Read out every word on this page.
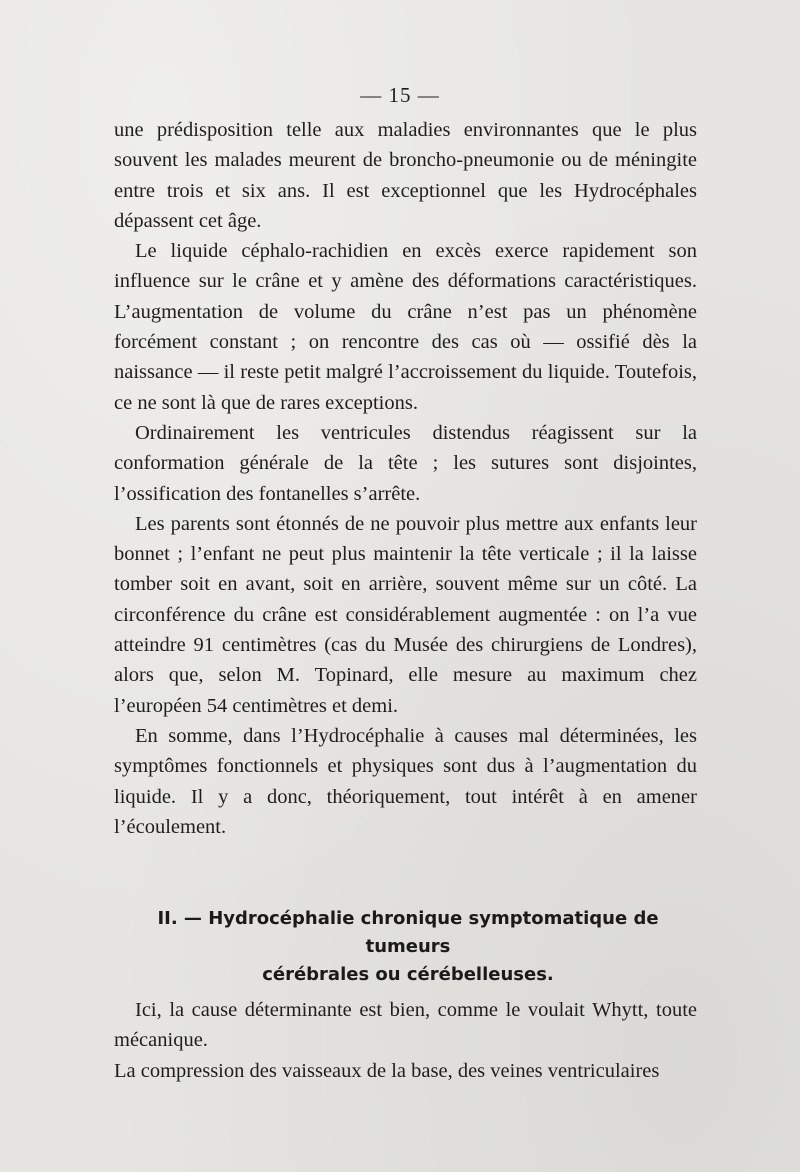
— 15 —

une prédisposition telle aux maladies environnantes que le plus souvent les malades meurent de broncho-pneumonie ou de méningite entre trois et six ans. Il est exceptionnel que les Hydrocéphales dépassent cet âge.

Le liquide céphalo-rachidien en excès exerce rapidement son influence sur le crâne et y amène des déformations caractéristiques. L’augmentation de volume du crâne n’est pas un phénomène forcément constant ; on rencontre des cas où — ossifié dès la naissance — il reste petit malgré l’accroissement du liquide. Toutefois, ce ne sont là que de rares exceptions.

Ordinairement les ventricules distendus réagissent sur la conformation générale de la tête ; les sutures sont disjointes, l’ossification des fontanelles s’arrête.

Les parents sont étonnés de ne pouvoir plus mettre aux enfants leur bonnet ; l’enfant ne peut plus maintenir la tête verticale ; il la laisse tomber soit en avant, soit en arrière, souvent même sur un côté. La circonférence du crâne est considérablement augmentée : on l’a vue atteindre 91 centimètres (cas du Musée des chirurgiens de Londres), alors que, selon M. Topinard, elle mesure au maximum chez l’européen 54 centimètres et demi.

En somme, dans l’Hydrocéphalie à causes mal déterminées, les symptômes fonctionnels et physiques sont dus à l’augmentation du liquide. Il y a donc, théoriquement, tout intérêt à en amener l’écoulement.

II. — Hydrocéphalie chronique symptomatique de tumeurs
cérébrales ou cérébelleuses.

Ici, la cause déterminante est bien, comme le voulait Whytt, toute mécanique.

La compression des vaisseaux de la base, des veines ventriculaires
